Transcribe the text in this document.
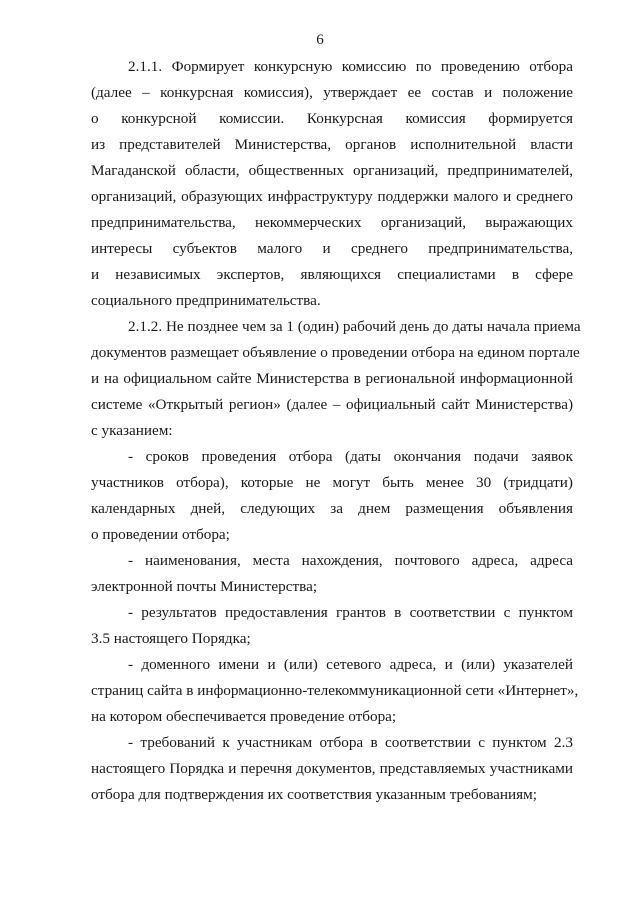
6
2.1.1. Формирует конкурсную комиссию по проведению отбора
(далее – конкурсная комиссия), утверждает ее состав и положение
о конкурсной комиссии. Конкурсная комиссия формируется
из представителей Министерства, органов исполнительной власти
Магаданской области, общественных организаций, предпринимателей,
организаций, образующих инфраструктуру поддержки малого и среднего
предпринимательства, некоммерческих организаций, выражающих
интересы субъектов малого и среднего предпринимательства,
и независимых экспертов, являющихся специалистами в сфере
социального предпринимательства.
2.1.2. Не позднее чем за 1 (один) рабочий день до даты начала приема
документов размещает объявление о проведении отбора на едином портале
и на официальном сайте Министерства в региональной информационной
системе «Открытый регион» (далее – официальный сайт Министерства)
с указанием:
- сроков проведения отбора (даты окончания подачи заявок
участников отбора), которые не могут быть менее 30 (тридцати)
календарных дней, следующих за днем размещения объявления
о проведении отбора;
- наименования, места нахождения, почтового адреса, адреса
электронной почты Министерства;
- результатов предоставления грантов в соответствии с пунктом
3.5 настоящего Порядка;
- доменного имени и (или) сетевого адреса, и (или) указателей
страниц сайта в информационно-телекоммуникационной сети «Интернет»,
на котором обеспечивается проведение отбора;
- требований к участникам отбора в соответствии с пунктом 2.3
настоящего Порядка и перечня документов, представляемых участниками
отбора для подтверждения их соответствия указанным требованиям;
